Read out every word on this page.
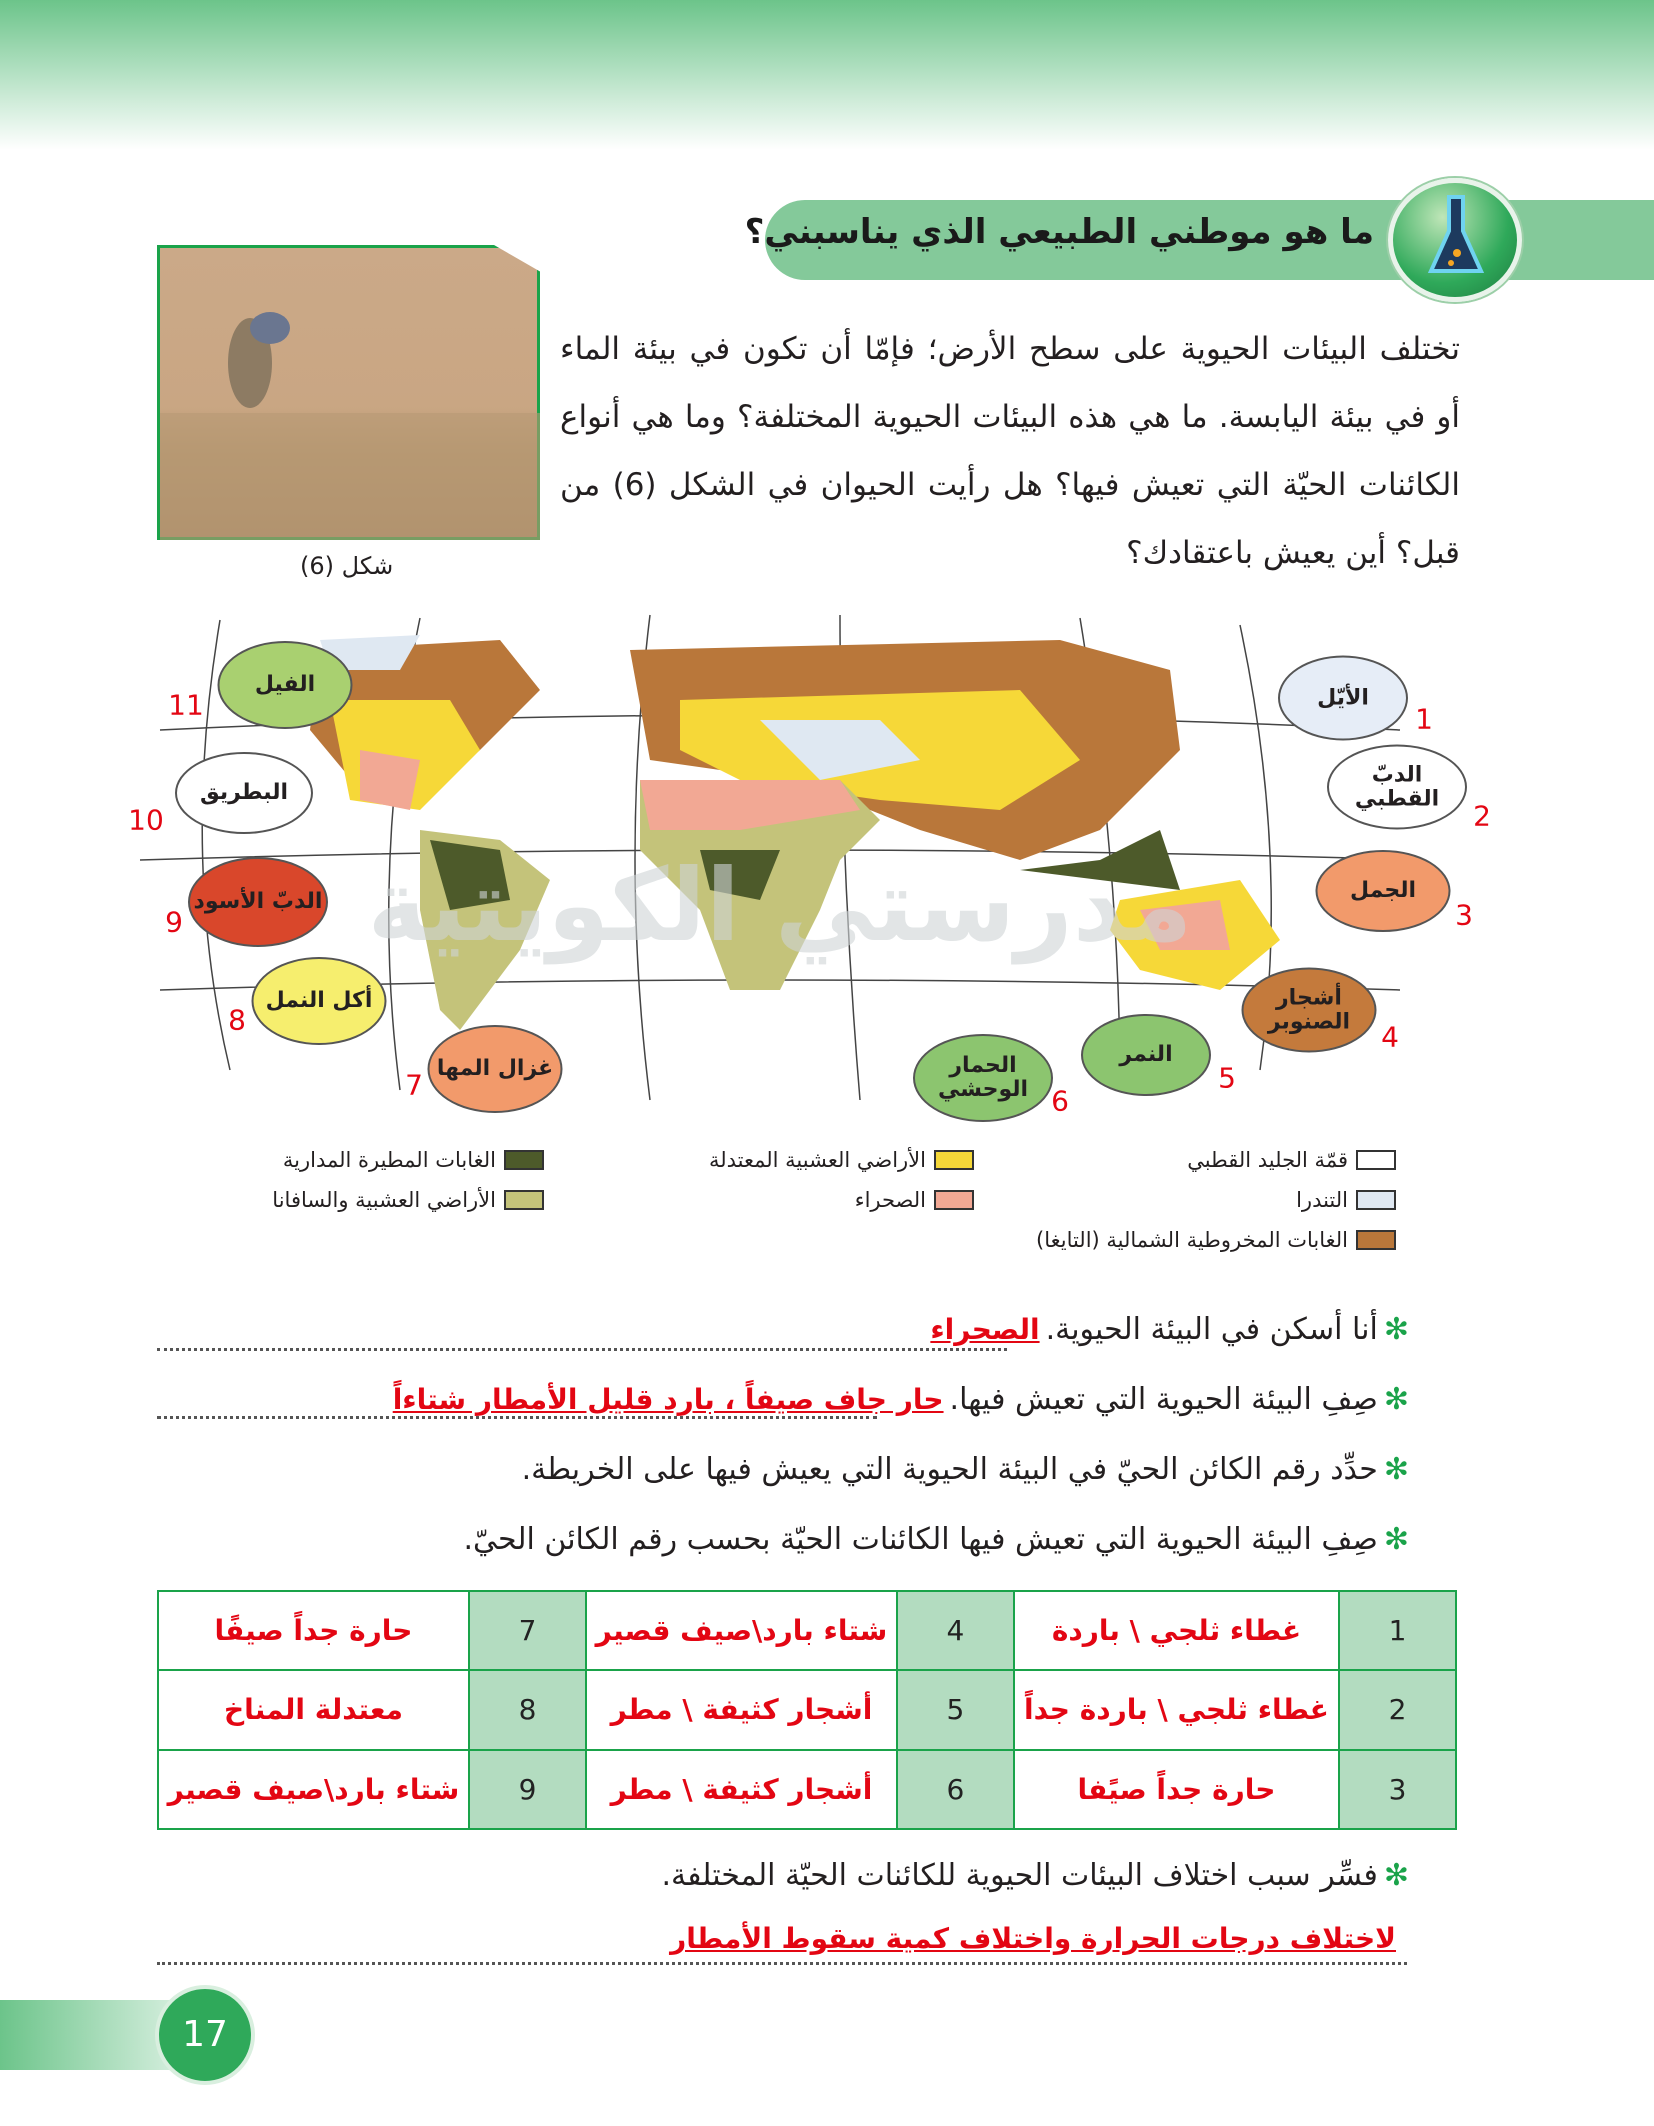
ما هو موطني الطبيعي الذي يناسبني؟
شكل (6)
تختلف البيئات الحيوية على سطح الأرض؛ فإمّا أن تكون في بيئة الماء أو في بيئة اليابسة. ما هي هذه البيئات الحيوية المختلفة؟ وما هي أنواع الكائنات الحيّة التي تعيش فيها؟ هل رأيت الحيوان في الشكل (6) من قبل؟ أين يعيش باعتقادك؟
مدرستي الكويتية
الأيّل
1
الدبّ القطبي
2
الجمل
3
أشجار الصنوبر	4
النمر
5
الحمار الوحشي 6
غزال المها
7
أكل النمل
8
الدبّ الأسود
9
البطريق
10
الفيل
11
قمّة الجليد القطبي
التندرا
الغابات المخروطية الشمالية (التايغا)
الأراضي العشبية المعتدلة
الصحراء
الغابات المطيرة المدارية
الأراضي العشبية والسافانا
✻
أنا أسكن في البيئة الحيوية.
الصحراء
✻
صِفِ البيئة الحيوية التي تعيش فيها.
حار جاف صيفاً ، بارد قليل الأمطار شتاءاً
✻
حدِّد رقم الكائن الحيّ في البيئة الحيوية التي يعيش فيها على الخريطة.
✻
صِفِ البيئة الحيوية التي تعيش فيها الكائنات الحيّة بحسب رقم الكائن الحيّ.
1	غطاء ثلجي \ باردة	4	شتاء بارد\صيف قصير	7	حارة جداً صيفًا
2	غطاء ثلجي \ باردة جداً	5	أشجار كثيفة \ مطر	8	معتدلة المناخ
3	حارة جداً صيًفا	6	أشجار كثيفة \ مطر	9	شتاء بارد\صيف قصير
✻
فسِّر سبب اختلاف البيئات الحيوية للكائنات الحيّة المختلفة.
لاختلاف درجات الحرارة واختلاف كمية سقوط الأمطار
17
